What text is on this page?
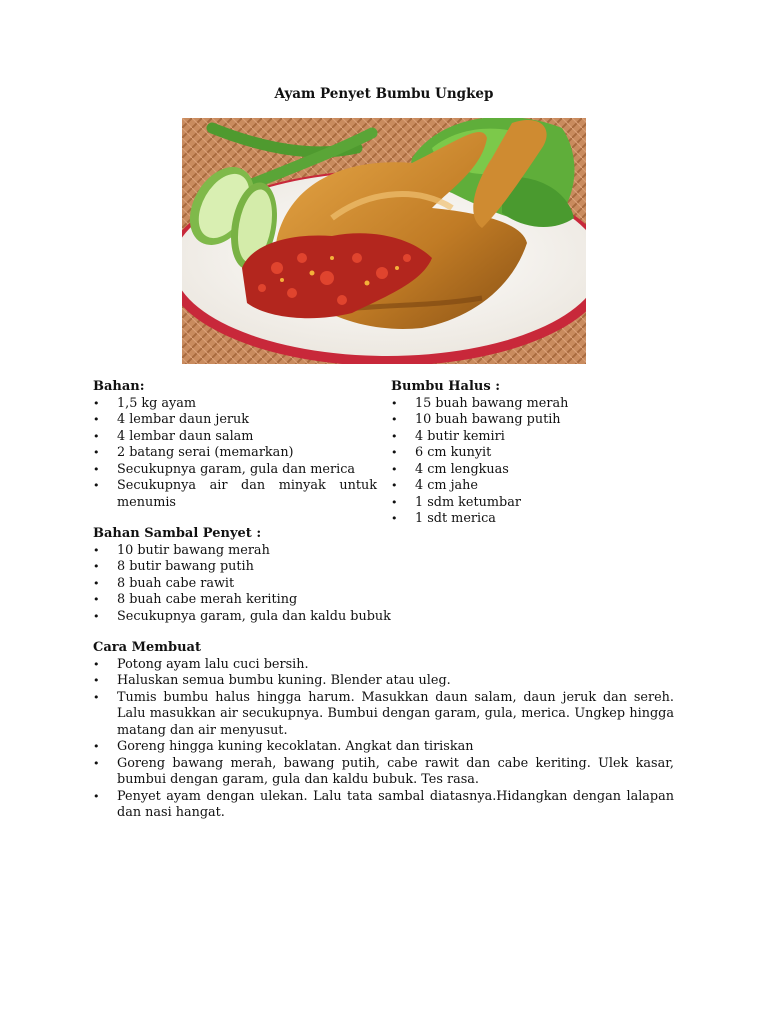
Ayam Penyet Bumbu Ungkep
Bahan:
• 1,5 kg ayam
• 4 lembar daun jeruk
• 4 lembar daun salam
• 2 batang serai (memarkan)
• Secukupnya garam, gula dan merica
• Secukupnya air dan minyak untuk menumis
Bumbu Halus :
• 15 buah bawang merah
• 10 buah bawang putih
• 4 butir kemiri
• 6 cm kunyit
• 4 cm lengkuas
• 4 cm jahe
• 1 sdm ketumbar
• 1 sdt merica
Bahan Sambal Penyet :
• 10 butir bawang merah
• 8 butir bawang putih
• 8 buah cabe rawit
• 8 buah cabe merah keriting
• Secukupnya garam, gula dan kaldu bubuk
Cara Membuat
• Potong ayam lalu cuci bersih.
• Haluskan semua bumbu kuning. Blender atau uleg.
• Tumis bumbu halus hingga harum. Masukkan daun salam, daun jeruk dan sereh. Lalu masukkan air secukupnya. Bumbui dengan garam, gula, merica. Ungkep hingga matang dan air menyusut.
• Goreng hingga kuning kecoklatan. Angkat dan tiriskan
• Goreng bawang merah, bawang putih, cabe rawit dan cabe keriting. Ulek kasar, bumbui dengan garam, gula dan kaldu bubuk. Tes rasa.
• Penyet ayam dengan ulekan. Lalu tata sambal diatasnya.Hidangkan dengan lalapan dan nasi hangat.
